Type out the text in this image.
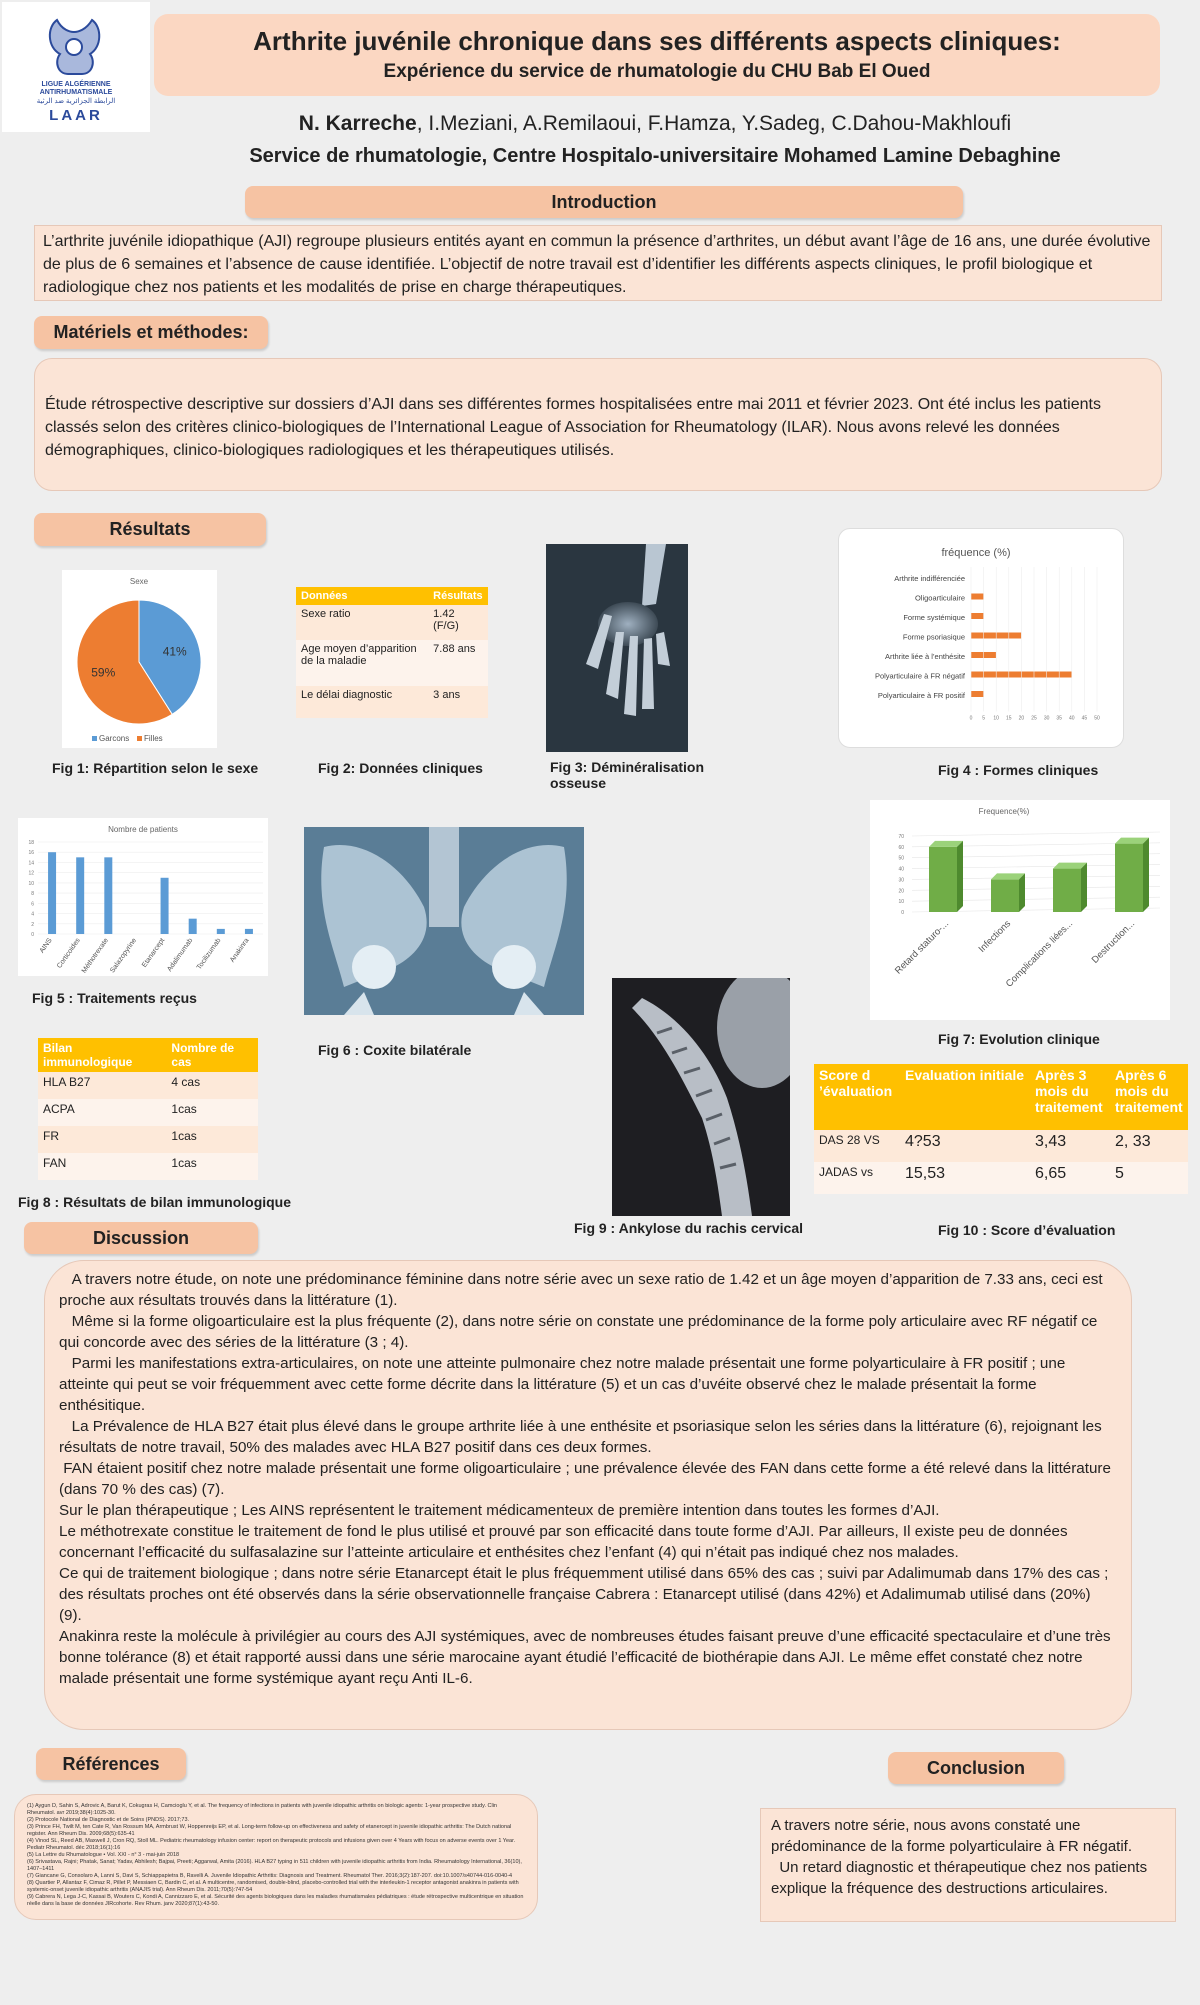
LIGUE ALGÉRIENNE
ANTIRHUMATISMALE
الرابطة الجزائرية ضد الرثية
LAAR
Arthrite juvénile chronique dans ses différents aspects cliniques:
Expérience du service de rhumatologie du CHU Bab El Oued
N. Karreche, I.Meziani, A.Remilaoui, F.Hamza, Y.Sadeg, C.Dahou-Makhloufi
Service de rhumatologie, Centre Hospitalo-universitaire Mohamed Lamine Debaghine
Introduction
L’arthrite juvénile idiopathique (AJI) regroupe plusieurs entités ayant en commun la présence d’arthrites, un début avant l’âge de 16 ans, une durée évolutive de plus de 6 semaines et l’absence de cause identifiée. L’objectif de notre travail est d’identifier les différents aspects cliniques, le profil biologique et radiologique chez nos patients et les modalités de prise en charge thérapeutiques.
Matériels et méthodes:
Étude rétrospective descriptive sur dossiers d’AJI dans ses différentes formes hospitalisées entre mai 2011 et février 2023. Ont été inclus les patients classés selon des critères clinico-biologiques de l’International League of Association for Rheumatology (ILAR). Nous avons relevé les données démographiques, clinico-biologiques radiologiques et les thérapeutiques utilisés.
Résultats
Sexe
41%
59%
Garcons Filles
Fig 1: Répartition selon le sexe
Données	Résultats
Sexe ratio	1.42 (F/G)
Age moyen d’apparition de la maladie	7.88 ans
Le délai diagnostic	3 ans
Fig 2: Données cliniques	Fig 3: Déminéralisation osseuse
fréquence (%)
Arthrite indifférenciée
Oligoarticulaire
Forme systémique
Forme psoriasique
Arthrite liée à l’enthésite
Polyarticulaire à FR négatif
Polyarticulaire à FR positif
0 5 10 15 20 25 30 35 40 45 50
Fig 4 : Formes cliniques
Nombre de patients
0
2
4
6
8
10
12
14
16
18
AINS Corticoides
Méthotrexate Salazopyrine Etanarcept Adalimumab Tocilizumab Anakinra
Fig 5 : Traitements reçus
Fig 6 : Coxite bilatérale
Frequence(%)
0
10
20
30
40
50
60
70
Retard staturo-...	Infections
Complications liées... Destruction...
Fig 7: Evolution clinique
Bilan immunologique	Nombre de cas
HLA B27	4 cas
ACPA	1cas
FR	1cas
FAN	1cas
Fig 8 : Résultats de bilan immunologique
Fig 9 : Ankylose du rachis cervical
Score d ’évaluation	Evaluation initiale	Après 3 mois du traitement	Après 6 mois du traitement
DAS 28 VS	4?53	3,43	2, 33
JADAS vs	15,53	6,65	5
Fig 10 : Score d’évaluation
Discussion

A travers notre étude, on note une prédominance féminine dans notre série avec un sexe ratio de 1.42 et un âge moyen d’apparition de 7.33 ans, ceci est proche aux résultats trouvés dans la littérature (1).

Même si la forme oligoarticulaire est la plus fréquente (2), dans notre série on constate une prédominance de la forme poly articulaire avec RF négatif ce qui concorde avec des séries de la littérature (3 ; 4).

Parmi les manifestations extra-articulaires, on note une atteinte pulmonaire chez notre malade présentait une forme polyarticulaire à FR positif ; une atteinte qui peut se voir fréquemment avec cette forme décrite dans la littérature (5) et un cas d’uvéite observé chez le malade présentait la forme enthésitique.

La Prévalence de HLA B27 était plus élevé dans le groupe arthrite liée à une enthésite et psoriasique selon les séries dans la littérature (6), rejoignant les résultats de notre travail, 50% des malades avec HLA B27 positif dans ces deux formes.

FAN étaient positif chez notre malade présentait une forme oligoarticulaire ; une prévalence élevée des FAN dans cette forme a été relevé dans la littérature (dans 70 % des cas) (7).

Sur le plan thérapeutique ; Les AINS représentent le traitement médicamenteux de première intention dans toutes les formes d’AJI.

Le méthotrexate constitue le traitement de fond le plus utilisé et prouvé par son efficacité dans toute forme d’AJI. Par ailleurs, Il existe peu de données concernant l’efficacité du sulfasalazine sur l’atteinte articulaire et enthésites chez l’enfant (4) qui n’était pas indiqué chez nos malades.

Ce qui de traitement biologique ; dans notre série Etanarcept était le plus fréquemment utilisé dans 65% des cas ; suivi par Adalimumab dans 17% des cas ; des résultats proches ont été observés dans la série observationnelle française Cabrera : Etanarcept utilisé (dans 42%) et Adalimumab utilisé dans (20%) (9).

Anakinra reste la molécule à privilégier au cours des AJI systémiques, avec de nombreuses études faisant preuve d’une efficacité spectaculaire et d’une très bonne tolérance (8) et était rapporté aussi dans une série marocaine ayant étudié l’efficacité de biothérapie dans AJI. Le même effet constaté chez notre malade présentait une forme systémique ayant reçu Anti IL-6.

Références
(1) Aygun D, Sahin S, Adrovic A, Barut K, Cokugras H, Camcioglu Y, et al. The frequency of infections in patients with juvenile idiopathic arthritis on biologic agents: 1-year prospective study. Clin Rheumatol. avr 2019;38(4):1025-30.
(2) Protocole National de Diagnostic et de Soins (PNDS). 2017;73.
(3) Prince FH, Twilt M, ten Cate R, Van Rossum MA, Armbrust W, Hoppenreijs EP, et al. Long-term follow-up on effectiveness and safety of etanercept in juvenile idiopathic arthritis: The Dutch national register. Ann Rheum Dis. 2009;68(5):635-41
(4) Vinod SL, Reed AB, Maxwell J, Cron RQ, Stoll ML. Pediatric rheumatology infusion center: report on therapeutic protocols and infusions given over 4 Years with focus on adverse events over 1 Year. Pediatr Rheumatol. déc 2018;16(1):16
(5) La Lettre du Rhumatologue • Vol. XXI - n° 3 - mai-juin 2018
(6) Srivastava, Rajni; Phatak, Sanat; Yadav, Abhilesh; Bajpai, Preeti; Aggarwal, Amita (2016). HLA B27 typing in 511 children with juvenile idiopathic arthritis from India. Rheumatology International, 36(10), 1407–1411
(7) Giancane G, Consolaro A, Lanni S, Davi S, Schiappapietra B, Ravelli A. Juvenile Idiopathic Arthritis: Diagnosis and Treatment. Rheumatol Ther. 2016;3(2):187-207. doi:10.1007/s40744-016-0040-4
(8) Quartier P, Allantaz F, Cimaz R, Pillet P, Messiaen C, Bardin C, et al. A multicentre, randomised, double-blind, placebo-controlled trial with the interleukin-1 receptor antagonist anakinra in patients with systemic-onset juvenile idiopathic arthritis (ANAJIS trial). Ann Rheum Dis. 2011;70(5):747-54
(9) Cabrera N, Lega J-C, Kassai B, Wouters C, Kondi A, Cannizzaro E, et al. Sécurité des agents biologiques dans les maladies rhumatismales pédiatriques : étude rétrospective multicentrique en situation réelle dans la base de données JIRcohorte. Rev Rhum. janv 2020;87(1):43-50.
Conclusion
A travers notre série, nous avons constaté une prédominance de la forme polyarticulaire à FR négatif.
Un retard diagnostic et thérapeutique chez nos patients explique la fréquence des destructions articulaires.
